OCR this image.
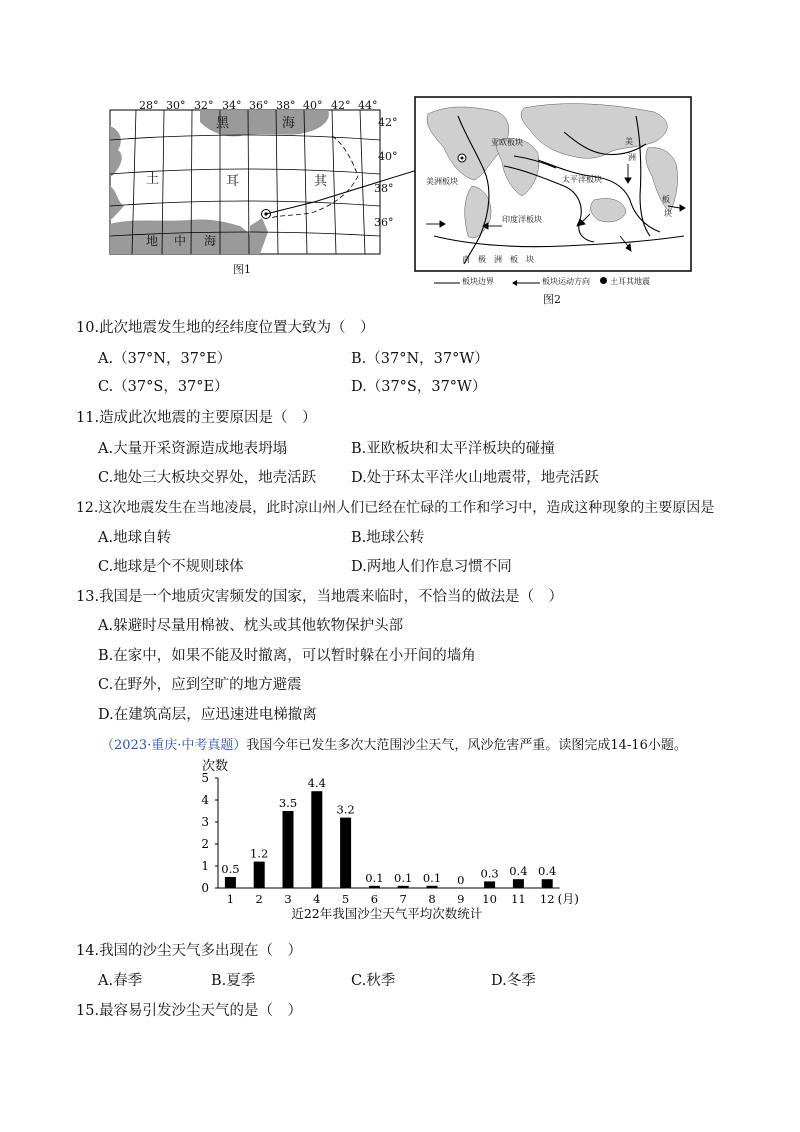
28° 30° 32° 34° 36° 38° 40° 42° 44°
42°
40°
38°
36°
黑	海
土	耳	其
地 中 海
图1
亚欧板块
美洲板块	太平洋板块
印度洋板块
南　极　洲　板　块
美
洲
板
块
板块边界	板块运动方向	土耳其地震
图2
10.此次地震发生地的经纬度位置大致为（　）
A.（37°N，37°E）	B.（37°N，37°W）
C.（37°S，37°E）	D.（37°S，37°W）
11.造成此次地震的主要原因是（　）
A.大量开采资源造成地表坍塌	B.亚欧板块和太平洋板块的碰撞
C.地处三大板块交界处，地壳活跃 D.处于环太平洋火山地震带，地壳活跃
12.这次地震发生在当地凌晨，此时凉山州人们已经在忙碌的工作和学习中，造成这种现象的主要原因是
A.地球自转	B.地球公转
C.地球是个不规则球体	D.两地人们作息习惯不同
13.我国是一个地质灾害频发的国家，当地震来临时，不恰当的做法是（　）
A.躲避时尽量用棉被、枕头或其他软物保护头部
B.在家中，如果不能及时撤离，可以暂时躲在小开间的墙角
C.在野外，应到空旷的地方避震
D.在建筑高层，应迅速进电梯撤离
（2023·重庆·中考真题）我国今年已发生多次大范围沙尘天气，风沙危害严重。读图完成14-16小题。
次数
0
1
2
3
4
5
0.5
1.2
3.5
4.4
3.2
0.1 0.1 0.1 0 0.3 0.4 0.4
1 2 3 4 5 6 7 8 9 10 11 12 (月)
近22年我国沙尘天气平均次数统计
14.我国的沙尘天气多出现在（　）
A.春季	B.夏季	C.秋季	D.冬季
15.最容易引发沙尘天气的是（　）
